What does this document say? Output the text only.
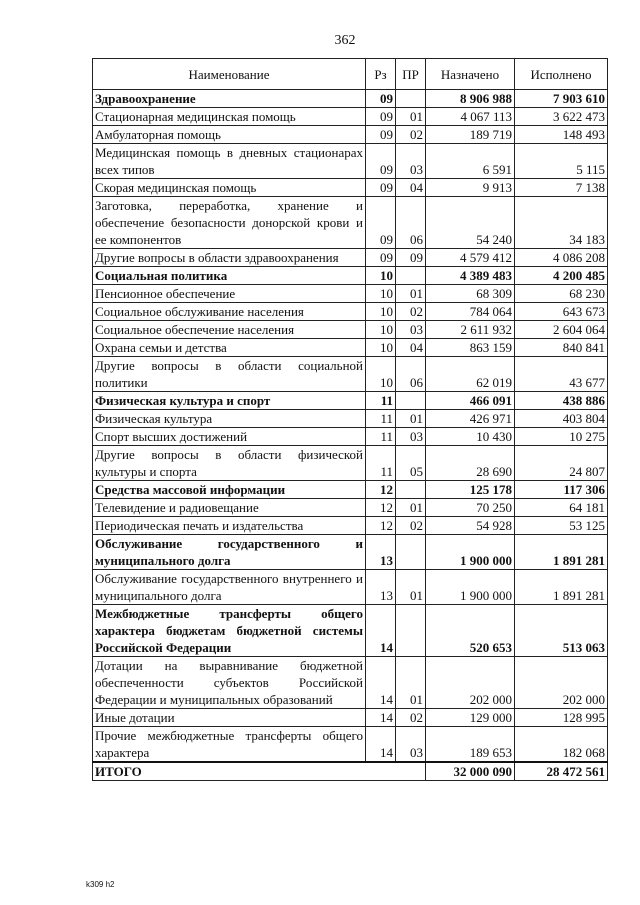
362
Наименование	Рз	ПР	Назначено	Исполнено
Здравоохранение	09		8 906 988	7 903 610
Стационарная медицинская помощь	09	01	4 067 113	3 622 473
Амбулаторная помощь	09	02	189 719	148 493
Медицинская помощь в дневных стационарах всех типов	09	03	6 591	5 115
Скорая медицинская помощь	09	04	9 913	7 138
Заготовка, переработка, хранение и обеспечение безопасности донорской крови и ее компонентов	09	06	54 240	34 183
Другие вопросы в области здравоохранения	09	09	4 579 412	4 086 208
Социальная политика	10		4 389 483	4 200 485
Пенсионное обеспечение	10	01	68 309	68 230
Социальное обслуживание населения	10	02	784 064	643 673
Социальное обеспечение населения	10	03	2 611 932	2 604 064
Охрана семьи и детства	10	04	863 159	840 841
Другие вопросы в области социальной политики	10	06	62 019	43 677
Физическая культура и спорт	11		466 091	438 886
Физическая культура	11	01	426 971	403 804
Спорт высших достижений	11	03	10 430	10 275
Другие вопросы в области физической культуры и спорта	11	05	28 690	24 807
Средства массовой информации	12		125 178	117 306
Телевидение и радиовещание	12	01	70 250	64 181
Периодическая печать и издательства	12	02	54 928	53 125
Обслуживание государственного и муниципального долга	13		1 900 000	1 891 281
Обслуживание государственного внутреннего и муниципального долга	13	01	1 900 000	1 891 281
Межбюджетные трансферты общего характера бюджетам бюджетной системы Российской Федерации	14		520 653	513 063
Дотации на выравнивание бюджетной обеспеченности субъектов Российской Федерации и муниципальных образований	14	01	202 000	202 000
Иные дотации	14	02	129 000	128 995
Прочие межбюджетные трансферты общего характера	14	03	189 653	182 068
ИТОГО			32 000 090	28 472 561
k309 h2
